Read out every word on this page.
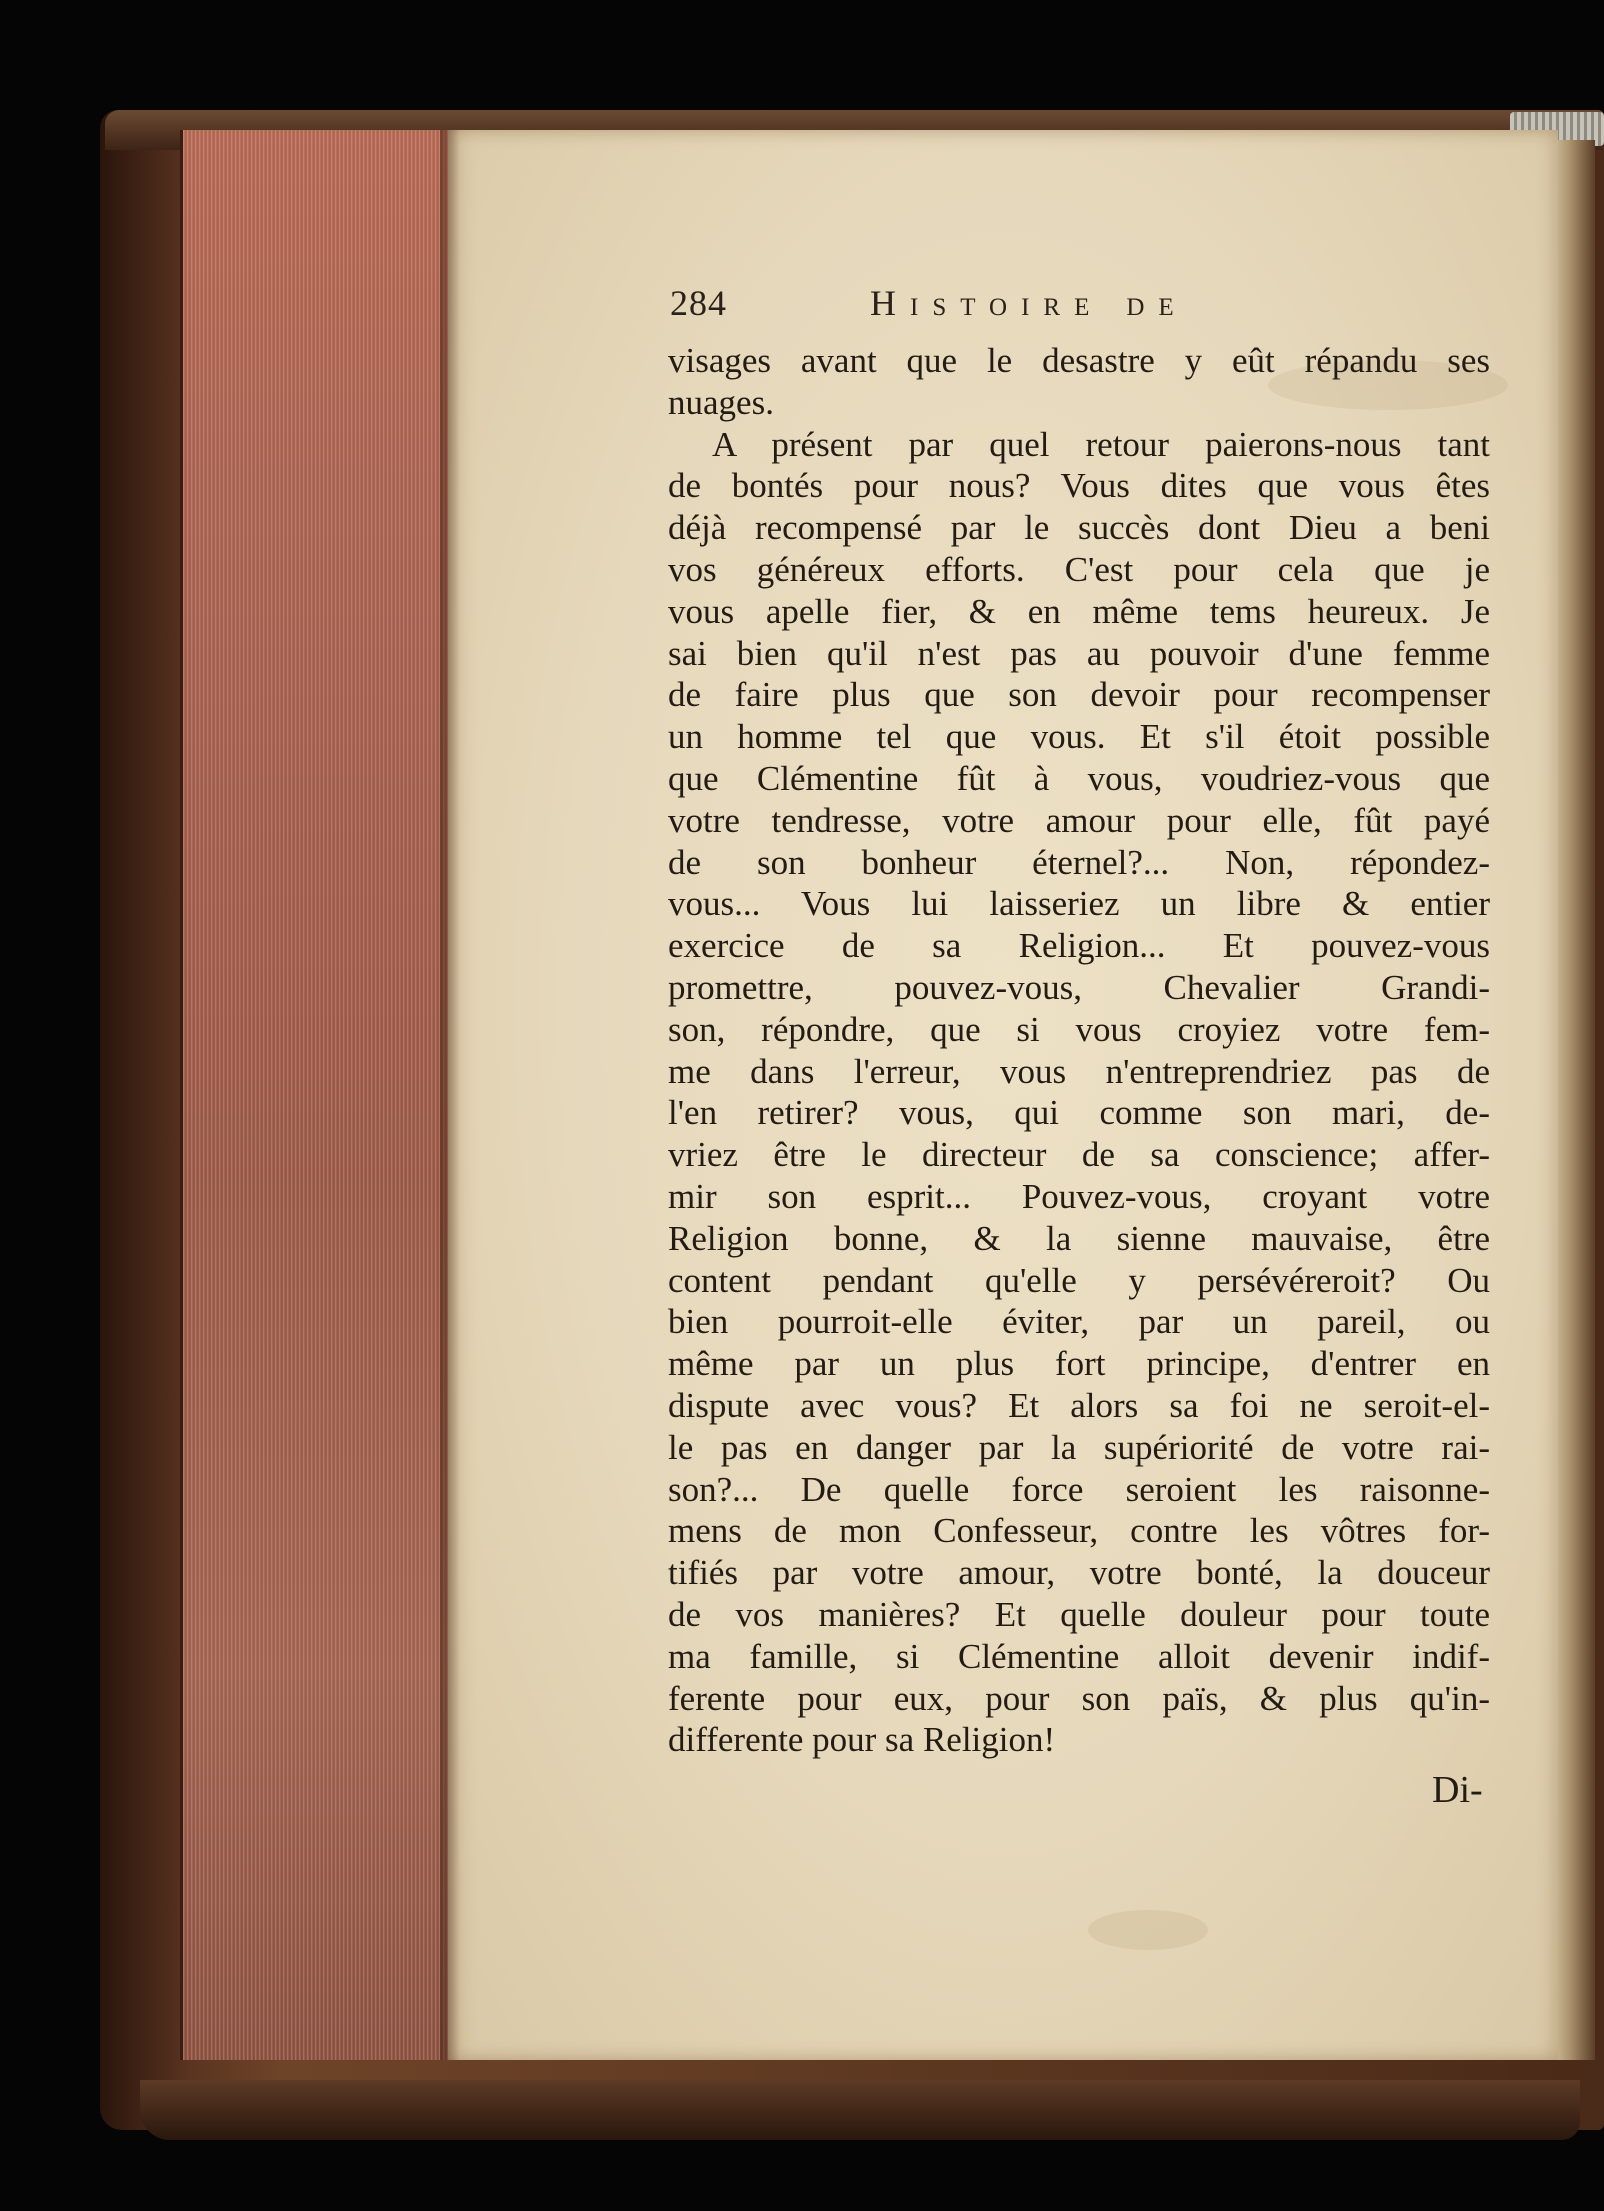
284	Histoire de
visages avant que le desastre y eût répandu ses
nuages.
A présent par quel retour paierons-nous tant
de bontés pour nous? Vous dites que vous êtes
déjà recompensé par le succès dont Dieu a beni
vos généreux efforts. C'est pour cela que je
vous apelle fier, & en même tems heureux. Je
sai bien qu'il n'est pas au pouvoir d'une femme
de faire plus que son devoir pour recompenser
un homme tel que vous. Et s'il étoit possible
que Clémentine fût à vous, voudriez-vous que
votre tendresse, votre amour pour elle, fût payé
de son bonheur éternel?... Non, répondez-
vous... Vous lui laisseriez un libre & entier
exercice de sa Religion... Et pouvez-vous
promettre, pouvez-vous, Chevalier Grandi-
son, répondre, que si vous croyiez votre fem-
me dans l'erreur, vous n'entreprendriez pas de
l'en retirer? vous, qui comme son mari, de-
vriez être le directeur de sa conscience; affer-
mir son esprit... Pouvez-vous, croyant votre
Religion bonne, & la sienne mauvaise, être
content pendant qu'elle y persévéreroit? Ou
bien pourroit-elle éviter, par un pareil, ou
même par un plus fort principe, d'entrer en
dispute avec vous? Et alors sa foi ne seroit-el-
le pas en danger par la supériorité de votre rai-
son?... De quelle force seroient les raisonne-
mens de mon Confesseur, contre les vôtres for-
tifiés par votre amour, votre bonté, la douceur
de vos manières? Et quelle douleur pour toute
ma famille, si Clémentine alloit devenir indif-
ferente pour eux, pour son païs, & plus qu'in-
differente pour sa Religion!
Di-
